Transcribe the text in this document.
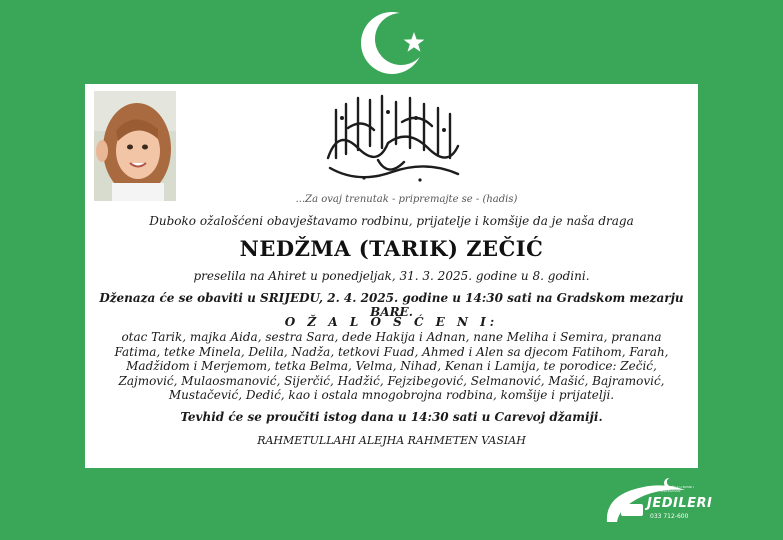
...Za ovaj trenutak - pripremajte se - (hadis)
Duboko ožalošćeni obavještavamo rodbinu, prijatelje i komšije da je naša draga
NEDŽMA (TARIK) ZEČIĆ
preselila na Ahiret u ponedjeljak, 31. 3. 2025. godine u 8. godini.
Dženaza će se obaviti u SRIJEDU, 2. 4. 2025. godine u 14:30 sati na Gradskom mezarju BARE.
O Ž A L O Š Ć E N I:
otac Tarik, majka Aida, sestra Sara, dede Hakija i Adnan, nane Meliha i Semira, pranana Fatima, tetke Minela, Delila, Nadža, tetkovi Fuad, Ahmed i Alen sa djecom Fatihom, Farah, Madžidom i Merjemom, tetka Belma, Velma, Nihad, Kenan i Lamija, te porodice: Zečić, Zajmović, Mulaosmanović, Sijerčić, Hadžić, Fejzibegović, Selmanović, Mašić, Bajramović, Mustačević, Dedić, kao i ostala mnogobrojna rodbina, komšije i prijatelji.
Tevhid će se proučiti istog dana u 14:30 sati u Carevoj džamiji.
RAHMETULLAHI ALEJHA RAHMETEN VASIAH
ISLAMSKA ZAJEDNICA U BOSNI I HERCEGOVINI
JEDILERI
033 712-600
